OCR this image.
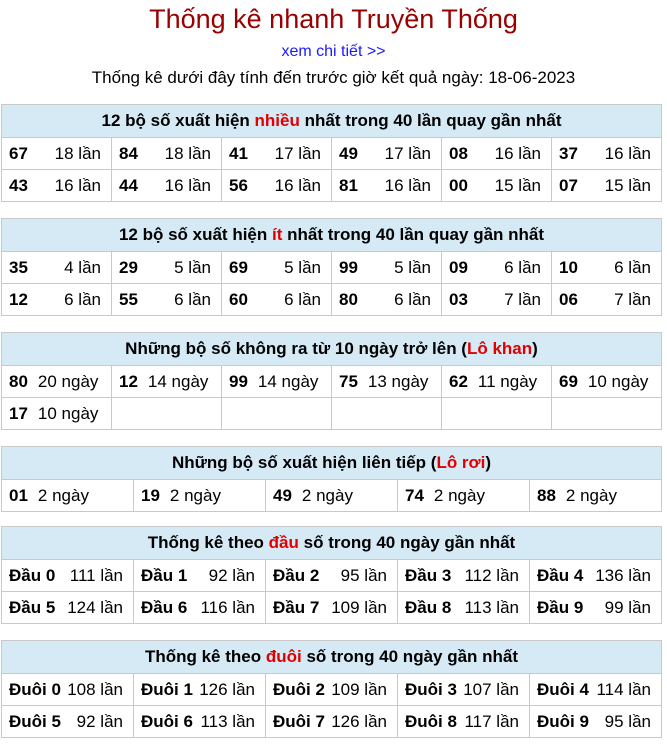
Thống kê nhanh Truyền Thống
xem chi tiết >>
Thống kê dưới đây tính đến trước giờ kết quả ngày: 18-06-2023
12 bộ số xuất hiện nhiều nhất trong 40 lần quay gần nhất					
67 18 lần	84 18 lần	41 17 lần	49 17 lần	08 16 lần	37 16 lần

43 16 lần	44 16 lần	56 16 lần	81 16 lần	00 15 lần	07 15 lần
12 bộ số xuất hiện ít nhất trong 40 lần quay gần nhất					
35 4 lần	29 5 lần	69 5 lần	99 5 lần	09 6 lần	10 6 lần

12 6 lần	55 6 lần	60 6 lần	80 6 lần	03 7 lần	06 7 lần
Những bộ số không ra từ 10 ngày trở lên (Lô khan)					
80 20 ngày	12 14 ngày	99 14 ngày	75 13 ngày	62 11 ngày	69 10 ngày
17 10 ngày					
Những bộ số xuất hiện liên tiếp (Lô rơi)
01 2 ngày	19 2 ngày	49 2 ngày	74 2 ngày	88 2 ngày
Thống kê theo đầu số trong 40 ngày gần nhất				
Đầu 0 111 lần	Đầu 1 92 lần	Đầu 2 95 lần	Đầu 3 112 lần	Đầu 4 136 lần

Đầu 5 124 lần	Đầu 6 116 lần	Đầu 7 109 lần	Đầu 8 113 lần	Đầu 9 99 lần
Thống kê theo đuôi số trong 40 ngày gần nhất				
Đuôi 0 108 lần	Đuôi 1 126 lần	Đuôi 2 109 lần	Đuôi 3 107 lần	Đuôi 4 114 lần

Đuôi 5 92 lần	Đuôi 6 113 lần	Đuôi 7 126 lần	Đuôi 8 117 lần	Đuôi 9 95 lần
